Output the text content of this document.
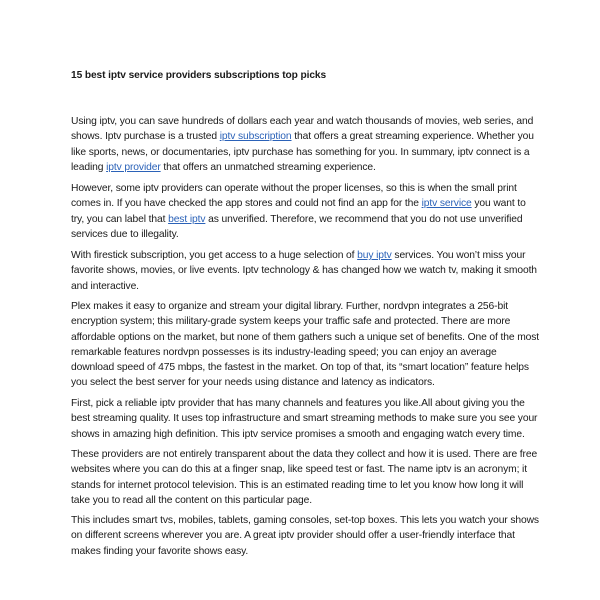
15 best iptv service providers subscriptions top picks

Using iptv, you can save hundreds of dollars each year and watch thousands of movies, web series, and shows. Iptv purchase is a trusted iptv subscription that offers a great streaming experience. Whether you like sports, news, or documentaries, iptv purchase has something for you. In summary, iptv connect is a leading iptv provider that offers an unmatched streaming experience.

However, some iptv providers can operate without the proper licenses, so this is when the small print comes in. If you have checked the app stores and could not find an app for the iptv service you want to try, you can label that best iptv as unverified. Therefore, we recommend that you do not use unverified services due to illegality.

With firestick subscription, you get access to a huge selection of buy iptv services. You won’t miss your favorite shows, movies, or live events. Iptv technology & has changed how we watch tv, making it smooth and interactive.

Plex makes it easy to organize and stream your digital library. Further, nordvpn integrates a 256-bit encryption system; this military-grade system keeps your traffic safe and protected. There are more affordable options on the market, but none of them gathers such a unique set of benefits. One of the most remarkable features nordvpn possesses is its industry-leading speed; you can enjoy an average download speed of 475 mbps, the fastest in the market. On top of that, its “smart location” feature helps you select the best server for your needs using distance and latency as indicators.

First, pick a reliable iptv provider that has many channels and features you like.All about giving you the best streaming quality. It uses top infrastructure and smart streaming methods to make sure you see your shows in amazing high definition. This iptv service promises a smooth and engaging watch every time.

These providers are not entirely transparent about the data they collect and how it is used. There are free websites where you can do this at a finger snap, like speed test or fast. The name iptv is an acronym; it stands for internet protocol television. This is an estimated reading time to let you know how long it will take you to read all the content on this particular page.

This includes smart tvs, mobiles, tablets, gaming consoles, set-top boxes. This lets you watch your shows on different screens wherever you are. A great iptv provider should offer a user-friendly interface that makes finding your favorite shows easy.
